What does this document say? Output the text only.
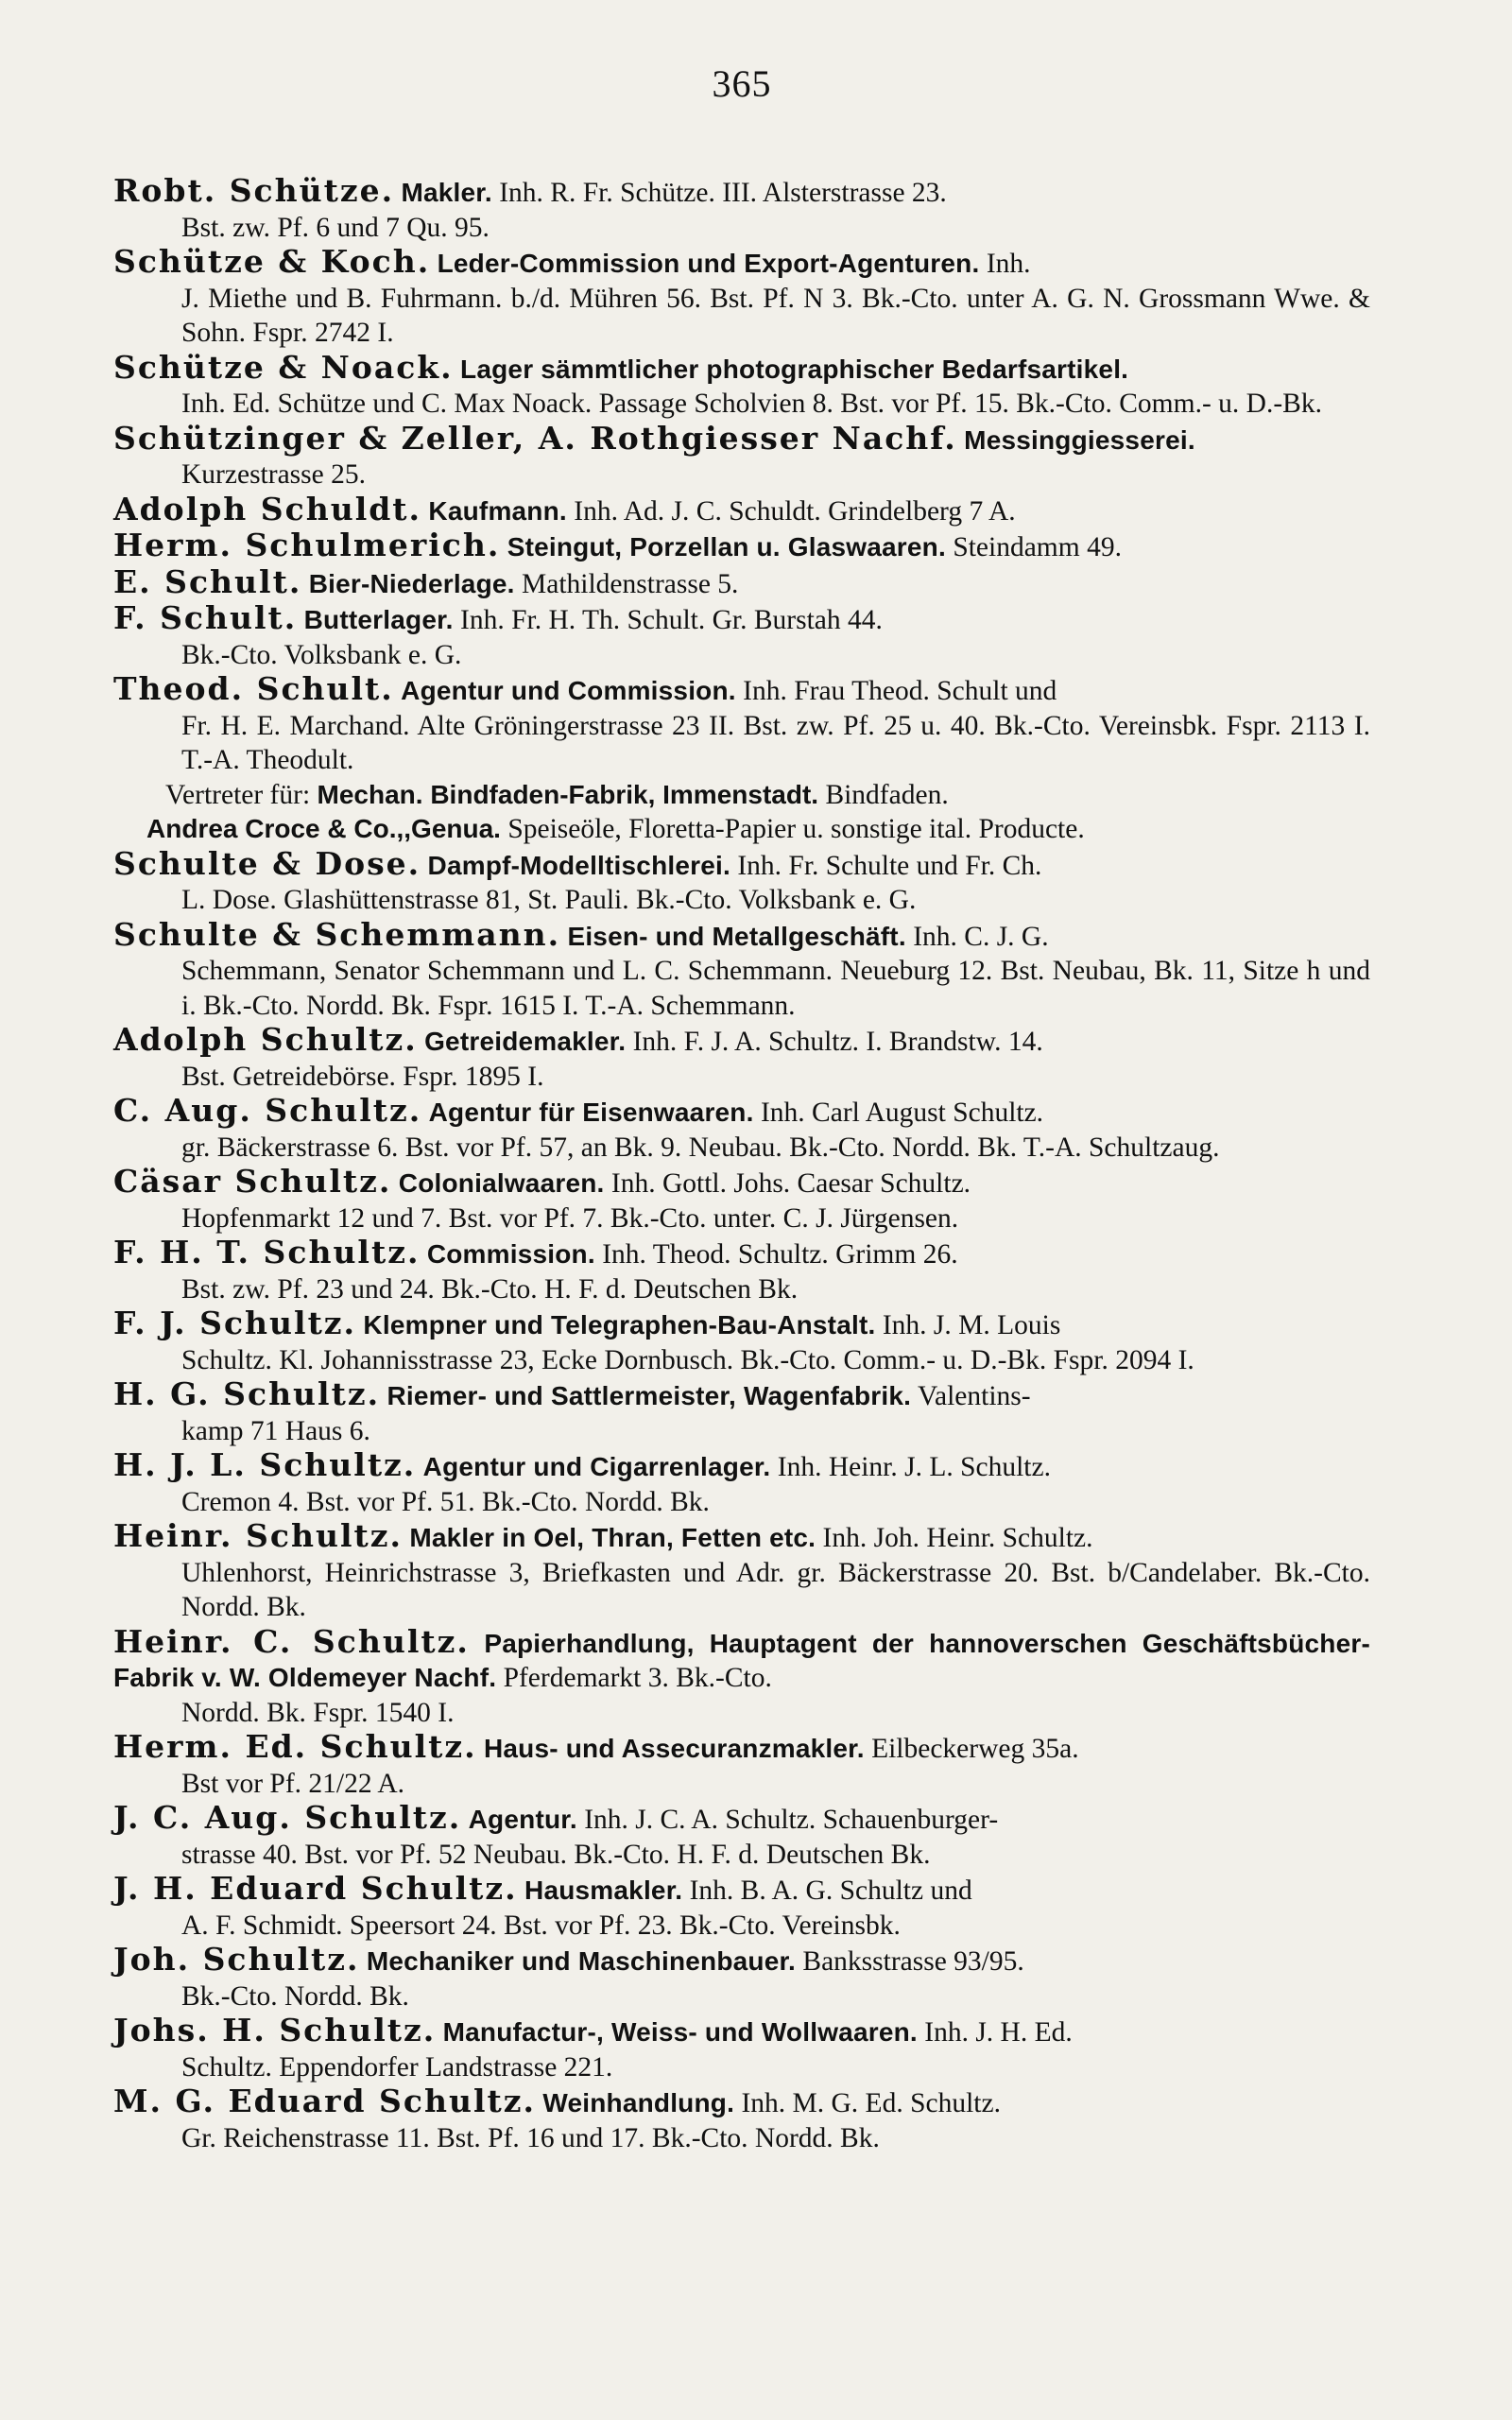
365
Robt. Schütze. Makler. Inh. R. Fr. Schütze. III. Alsterstrasse 23.
Bst. zw. Pf. 6 und 7 Qu. 95.
Schütze & Koch. Leder-Commission und Export-Agenturen. Inh.
J. Miethe und B. Fuhrmann. b./d. Mühren 56. Bst. Pf. N 3. Bk.-Cto. unter A. G. N. Grossmann Wwe. & Sohn. Fspr. 2742 I.
Schütze & Noack. Lager sämmtlicher photographischer Bedarfsartikel.
Inh. Ed. Schütze und C. Max Noack. Passage Scholvien 8. Bst. vor Pf. 15. Bk.-Cto. Comm.- u. D.-Bk.
Schützinger & Zeller, A. Rothgiesser Nachf. Messinggiesserei.
Kurzestrasse 25.
Adolph Schuldt. Kaufmann. Inh. Ad. J. C. Schuldt. Grindelberg 7 A.
Herm. Schulmerich. Steingut, Porzellan u. Glaswaaren. Steindamm 49.
E. Schult. Bier-Niederlage. Mathildenstrasse 5.
F. Schult. Butterlager. Inh. Fr. H. Th. Schult. Gr. Burstah 44.
Bk.-Cto. Volksbank e. G.
Theod. Schult. Agentur und Commission. Inh. Frau Theod. Schult und
Fr. H. E. Marchand. Alte Gröningerstrasse 23 II. Bst. zw. Pf. 25 u. 40. Bk.-Cto. Vereinsbk. Fspr. 2113 I. T.-A. Theodult.
Vertreter für: Mechan. Bindfaden-Fabrik, Immenstadt. Bindfaden.
Andrea Croce & Co.,,Genua. Speiseöle, Floretta-Papier u. sonstige ital. Producte.
Schulte & Dose. Dampf-Modelltischlerei. Inh. Fr. Schulte und Fr. Ch.
L. Dose. Glashüttenstrasse 81, St. Pauli. Bk.-Cto. Volksbank e. G.
Schulte & Schemmann. Eisen- und Metallgeschäft. Inh. C. J. G.
Schemmann, Senator Schemmann und L. C. Schemmann. Neueburg 12. Bst. Neubau, Bk. 11, Sitze h und i. Bk.-Cto. Nordd. Bk. Fspr. 1615 I. T.-A. Schemmann.
Adolph Schultz. Getreidemakler. Inh. F. J. A. Schultz. I. Brandstw. 14.
Bst. Getreidebörse. Fspr. 1895 I.
C. Aug. Schultz. Agentur für Eisenwaaren. Inh. Carl August Schultz.
gr. Bäckerstrasse 6. Bst. vor Pf. 57, an Bk. 9. Neubau. Bk.-Cto. Nordd. Bk. T.-A. Schultzaug.
Cäsar Schultz. Colonialwaaren. Inh. Gottl. Johs. Caesar Schultz.
Hopfenmarkt 12 und 7. Bst. vor Pf. 7. Bk.-Cto. unter. C. J. Jürgensen.
F. H. T. Schultz. Commission. Inh. Theod. Schultz. Grimm 26.
Bst. zw. Pf. 23 und 24. Bk.-Cto. H. F. d. Deutschen Bk.
F. J. Schultz. Klempner und Telegraphen-Bau-Anstalt. Inh. J. M. Louis
Schultz. Kl. Johannisstrasse 23, Ecke Dornbusch. Bk.-Cto. Comm.- u. D.-Bk. Fspr. 2094 I.
H. G. Schultz. Riemer- und Sattlermeister, Wagenfabrik. Valentins-
kamp 71 Haus 6.
H. J. L. Schultz. Agentur und Cigarrenlager. Inh. Heinr. J. L. Schultz.
Cremon 4. Bst. vor Pf. 51. Bk.-Cto. Nordd. Bk.
Heinr. Schultz. Makler in Oel, Thran, Fetten etc. Inh. Joh. Heinr. Schultz.
Uhlenhorst, Heinrichstrasse 3, Briefkasten und Adr. gr. Bäckerstrasse 20. Bst. b/Candelaber. Bk.-Cto. Nordd. Bk.
Heinr. C. Schultz. Papierhandlung, Hauptagent der hannoverschen Geschäftsbücher-Fabrik v. W. Oldemeyer Nachf. Pferdemarkt 3. Bk.-Cto.
Nordd. Bk. Fspr. 1540 I.
Herm. Ed. Schultz. Haus- und Assecuranzmakler. Eilbeckerweg 35a.
Bst vor Pf. 21/22 A.
J. C. Aug. Schultz. Agentur. Inh. J. C. A. Schultz. Schauenburger-
strasse 40. Bst. vor Pf. 52 Neubau. Bk.-Cto. H. F. d. Deutschen Bk.
J. H. Eduard Schultz. Hausmakler. Inh. B. A. G. Schultz und
A. F. Schmidt. Speersort 24. Bst. vor Pf. 23. Bk.-Cto. Vereinsbk.
Joh. Schultz. Mechaniker und Maschinenbauer. Banksstrasse 93/95.
Bk.-Cto. Nordd. Bk.
Johs. H. Schultz. Manufactur-, Weiss- und Wollwaaren. Inh. J. H. Ed.
Schultz. Eppendorfer Landstrasse 221.
M. G. Eduard Schultz. Weinhandlung. Inh. M. G. Ed. Schultz.
Gr. Reichenstrasse 11. Bst. Pf. 16 und 17. Bk.-Cto. Nordd. Bk.
